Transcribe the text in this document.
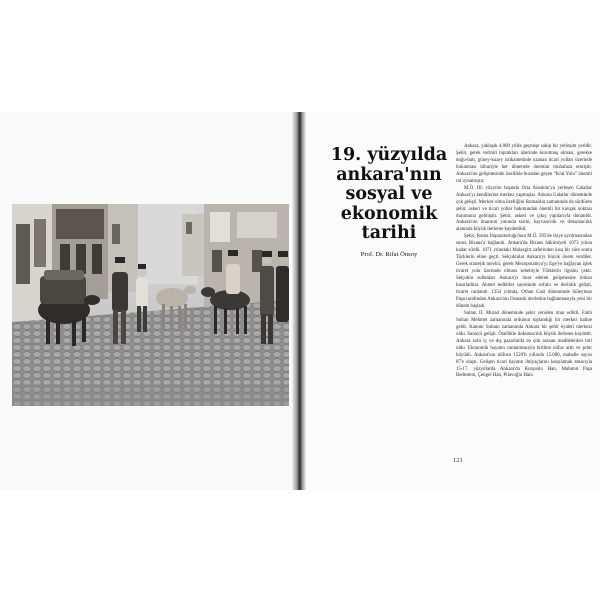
19. yüzyılda ankara'nın sosyal ve ekonomik tarihi
Prof. Dr. Rifat Önsoy

Ankara, yaklaşık 4.000 yıllık geçmişe sahip bir yerleşim yeridir. Şehir, gerek verimli toprakları üzerinde kurulmuş olması, gerekse doğu-batı, güney-kuzey istikametinde uzanan ticari yolları üzerinde bulunması itibariyle her dönemde önemini muhafaza etmiştir. Ankara'nın gelişmesinde özellikle buradan geçen “Kral Yolu” önemli rol oynamıştır.

M.Ö. III. yüzyılın başında Orta Anadolu'ya yerleşen Galatlar Ankara'yı kendilerine merkez yapmışlar. Ankara Galatlar döneminde çok gelişti. Merkez olma özelliğini Romalılar zamanında da sürdüren şehir, askeri ve ticari yollar bakımından önemli bir kavşak noktası durumuna gelmiştir. Şehir, askeri ve çıkış yapılarıyla donatıldı. Ankara'nın imarının yanında tarım, hayvancılık ve dokumacılık alanında büyük ilerleme kaydedildi.

Şehir, Roma İmparatorluğu'nun M.Ö. 395'de ikiye ayrılmasından sonra Bizans'a bağlandı. Ankara'da Bizans hâkimiyeti 1073 yılına kadar sürdü. 1071 yılındaki Malazgirt zaferinden kısa bir süre sonra Türklerin eline geçti. Selçuklular Ankara'yı büyük önem verdiler. Gerek stratejik mevkii, gerek Mezopotamya'yı Ege'ye bağlayan işlek ticaret yolu üzerinde olması sebebiyle Türklerin ilgisini çekti. Selçuklu sultanları Ankara'yı imar ederek gelişmesine imkan hazırladılar. Ahmet tedbirler sayesinde sofulu ve derinlik gelişti, ticaret canlandı. 1354 yılında, Orhan Gazi döneminde Süleyman Paşa tarafından Ankara'nın Osmanlı devletine bağlanmasıyla yeni bir dönem başladı.

Sultan II. Murad döneminde şehir yeniden imar edildi. Fatih Sultan Mehmet zamanında ordunun toplandığı bir merkez haline geldi. Kanuni Sultanı zamanında Ankara bir şehir eyaleti merkezi oldu. Sanayii gelişti. Özellikle dokumacılık büyük ilerleme kaydetti. Ankara sofu iç ve dış pazarlarda en çok aranan maddelerden biri oldu. Ekonomik hayatın canlanmasıyla birlikte nüfus arttı ve şehir büyüdü. Ankara'nın nüfusu 1520'li yıllarda 15.000, mahalle sayısı 87'e ulaştı. Gelişen ticari hayatın ihtiyaçlarını karşılamak amacıyla 15-17. yüzyıllarda Ankara'da Kurşunlu Han, Mahmut Paşa Bedesteni, Çengel Han, Pilavoğlu Hanı

121
